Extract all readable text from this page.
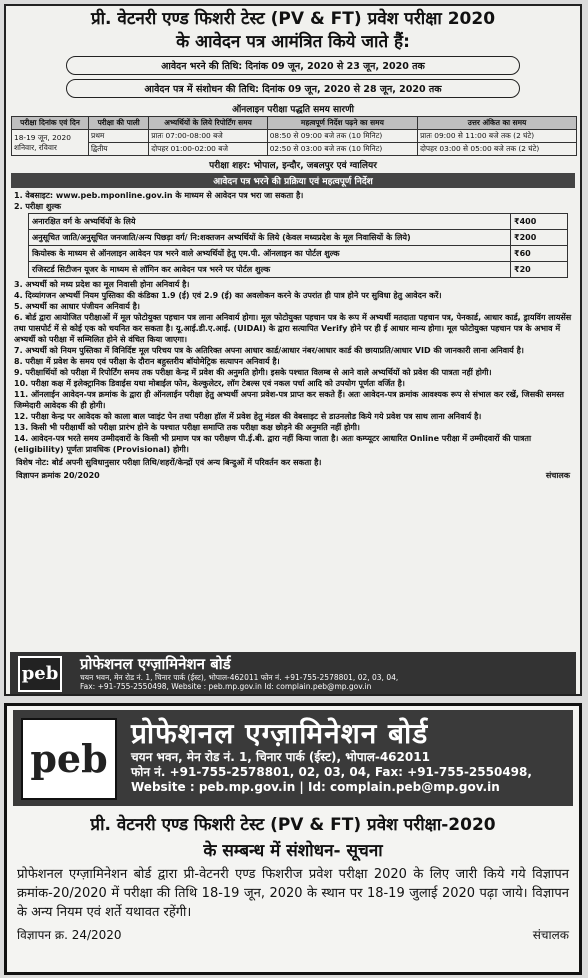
प्री. वेटनरी एण्ड फिशरी टेस्ट (PV & FT) प्रवेश परीक्षा 2020
के आवेदन पत्र आमंत्रित किये जाते हैं:
आवेदन भरने की तिथि: दिनांक 09 जून, 2020 से 23 जून, 2020 तक
आवेदन पत्र में संशोधन की तिथि: दिनांक 09 जून, 2020 से 28 जून, 2020 तक
ऑनलाइन परीक्षा पद्धति समय सारणी
परीक्षा दिनांक एवं दिन	परीक्षा की पाली	अभ्यर्थियों के लिये रिपोर्टिंग समय	महत्वपूर्ण निर्देश पढ़ने का समय	उत्तर अंकित का समय
18-19 जून, 2020 शनिवार, रविवार	प्रथम	प्रातः 07:00-08:00 बजे	08:50 से 09:00 बजे तक (10 मिनिट)	प्रातः 09:00 से 11:00 बजे तक (2 घंटे)
	द्वितीय	दोपहर 01:00-02:00 बजे	02:50 से 03:00 बजे तक (10 मिनिट)	दोपहर 03:00 से 05:00 बजे तक (2 घंटे)
परीक्षा शहर: भोपाल, इन्दौर, जबलपुर एवं ग्वालियर
आवेदन पत्र भरने की प्रक्रिया एवं महत्वपूर्ण निर्देश
1. वेबसाइट: www.peb.mponline.gov.in के माध्यम से आवेदन पत्र भरा जा सकता है।
2. परीक्षा शुल्क
अनारक्षित वर्ग के अभ्यर्थियों के लिये	₹400
अनुसूचित जाति/अनुसूचित जनजाति/अन्य पिछड़ा वर्ग/ नि:शक्तजन अभ्यर्थियों के लिये (केवल मध्यप्रदेश के मूल निवासियों के लिये)	₹200
कियोस्क के माध्यम से ऑनलाइन आवेदन पत्र भरने वाले अभ्यर्थियों हेतु एम.पी. ऑनलाइन का पोर्टल शुल्क	₹60
रजिस्टर्ड सिटीजन यूजर के माध्यम से लॉगिन कर आवेदन पत्र भरने पर पोर्टल शुल्क	₹20
3. अभ्यर्थी को मध्य प्रदेश का मूल निवासी होना अनिवार्य है।
4. दिव्यांगजन अभ्यर्थी नियम पुस्तिका की कंडिका 1.9 (ई) एवं 2.9 (ई) का अवलोकन करने के उपरांत ही पात्र होने पर सुविधा हेतु आवेदन करें।
5. अभ्यर्थी का आधार पंजीयन अनिवार्य है।
6. बोर्ड द्वारा आयोजित परीक्षाओं में मूल फोटोयुक्त पहचान पत्र लाना अनिवार्य होगा। मूल फोटोयुक्त पहचान पत्र के रूप में अभ्यर्थी मतदाता पहचान पत्र, पेनकार्ड, आधार कार्ड, ड्रायविंग लायसेंस तथा पासपोर्ट में से कोई एक को चयनित कर सकता है। यू.आई.डी.ए.आई. (UIDAI) के द्वारा सत्यापित Verify होने पर ही ई आधार मान्य होगा। मूल फोटोयुक्त पहचान पत्र के अभाव में अभ्यर्थी को परीक्षा में सम्मिलित होने से वंचित किया जाएगा।
7. अभ्यर्थी को नियम पुस्तिका में विनिर्दिष्ट मूल परिचय पत्र के अतिरिक्त अपना आधार कार्ड/आधार नंबर/आधार कार्ड की छायाप्रति/आधार VID की जानकारी लाना अनिवार्य है।
8. परीक्षा में प्रवेश के समय एवं परीक्षा के दौरान बहुस्तरीय बॉयोमेट्रिक सत्यापन अनिवार्य है।
9. परीक्षार्थियों को परीक्षा में रिपोर्टिंग समय तक परीक्षा केन्द्र में प्रवेश की अनुमति होगी। इसके पश्चात विलम्ब से आने वाले अभ्यर्थियों को प्रवेश की पात्रता नहीं होगी।
10. परीक्षा कक्ष में इलेक्ट्रानिक डिवाईस यथा मोबाईल फोन, केल्कुलेटर, लॉग टेबल्स एवं नकल पर्चा आदि को उपयोग पूर्णतः वर्जित है।
11. ऑनलाईन आवेदन-पत्र क्रमांक के द्वारा ही ऑनलाईन परीक्षा हेतु अभ्यर्थी अपना प्रवेश-पत्र प्राप्त कर सकते हैं। अतः आवेदन-पत्र क्रमांक आवश्यक रूप से संभाल कर रखें, जिसकी समस्त जिम्मेदारी आवेदक की ही होगी।
12. परीक्षा केन्द्र पर आवेदक को काला बाल प्वाइंट पेन तथा परीक्षा हॉल में प्रवेश हेतु मंडल की वेबसाइट से डाउनलोड किये गये प्रवेश पत्र साथ लाना अनिवार्य है।
13. किसी भी परीक्षार्थी को परीक्षा प्रारंभ होने के पश्चात परीक्षा समाप्ति तक परीक्षा कक्ष छोड़ने की अनुमति नहीं होगी।
14. आवेदन-पत्र भरते समय उम्मीदवारों के किसी भी प्रमाण पत्र का परीक्षण पी.ई.बी. द्वारा नहीं किया जाता है। अतः कम्प्यूटर आधारित Online परीक्षा में उम्मीदवारों की पात्रता (eligibility) पूर्णतः प्रावधिक (Provisional) होगी।
विशेष नोट: बोर्ड अपनी सुविधानुसार परीक्षा तिथि/शहरों/केन्द्रों एवं अन्य बिन्दुओं में परिवर्तन कर सकता है।
विज्ञापन क्रमांक 20/2020	संचालक
peb प्रोफेशनल एग्ज़ामिनेशन बोर्ड
चयन भवन, मेन रोड नं. 1, चिनार पार्क (ईस्ट), भोपाल-462011 फोन नं. +91-755-2578801, 02, 03, 04,
Fax: +91-755-2550498, Website : peb.mp.gov.in Id: complain.peb@mp.gov.in
peb
प्रोफेशनल एग्ज़ामिनेशन बोर्ड
चयन भवन, मेन रोड नं. 1, चिनार पार्क (ईस्ट), भोपाल-462011
फोन नं. +91-755-2578801, 02, 03, 04, Fax: +91-755-2550498,
Website : peb.mp.gov.in | Id: complain.peb@mp.gov.in
प्री. वेटनरी एण्ड फिशरी टेस्ट (PV & FT) प्रवेश परीक्षा-2020
के सम्बन्ध में संशोधन- सूचना
प्रोफेशनल एग्ज़ामिनेशन बोर्ड द्वारा प्री-वेटनरी एण्ड फिशरीज प्रवेश परीक्षा 2020 के लिए जारी किये गये विज्ञापन क्रमांक-20/2020 में परीक्षा की तिथि 18-19 जून, 2020 के स्थान पर 18-19 जुलाई 2020 पढ़ा जाये। विज्ञापन के अन्य नियम एवं शर्ते यथावत रहेंगी।
विज्ञापन क्र. 24/2020	संचालक
